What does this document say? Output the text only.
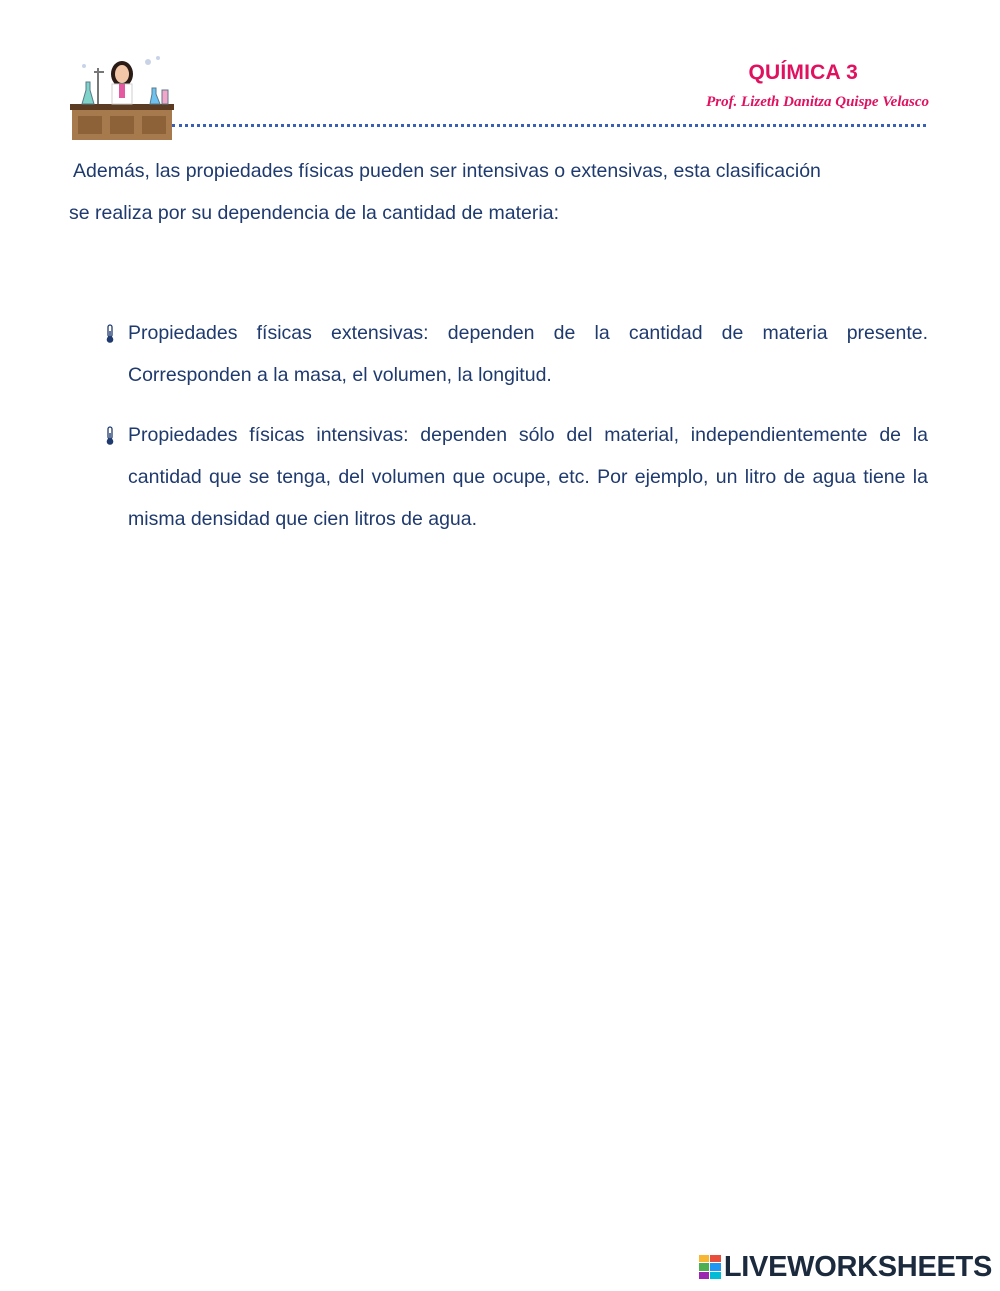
QUÍMICA 3
Prof. Lizeth Danitza Quispe Velasco
Además, las propiedades físicas pueden ser intensivas o extensivas, esta clasificación
se realiza por su dependencia de la cantidad de materia:
Propiedades físicas extensivas: dependen de la cantidad de materia presente. Corresponden a la masa, el volumen, la longitud.
Propiedades físicas intensivas: dependen sólo del material, independientemente de la cantidad que se tenga, del volumen que ocupe, etc. Por ejemplo, un litro de agua tiene la misma densidad que cien litros de agua.
LIVEWORKSHEETS
